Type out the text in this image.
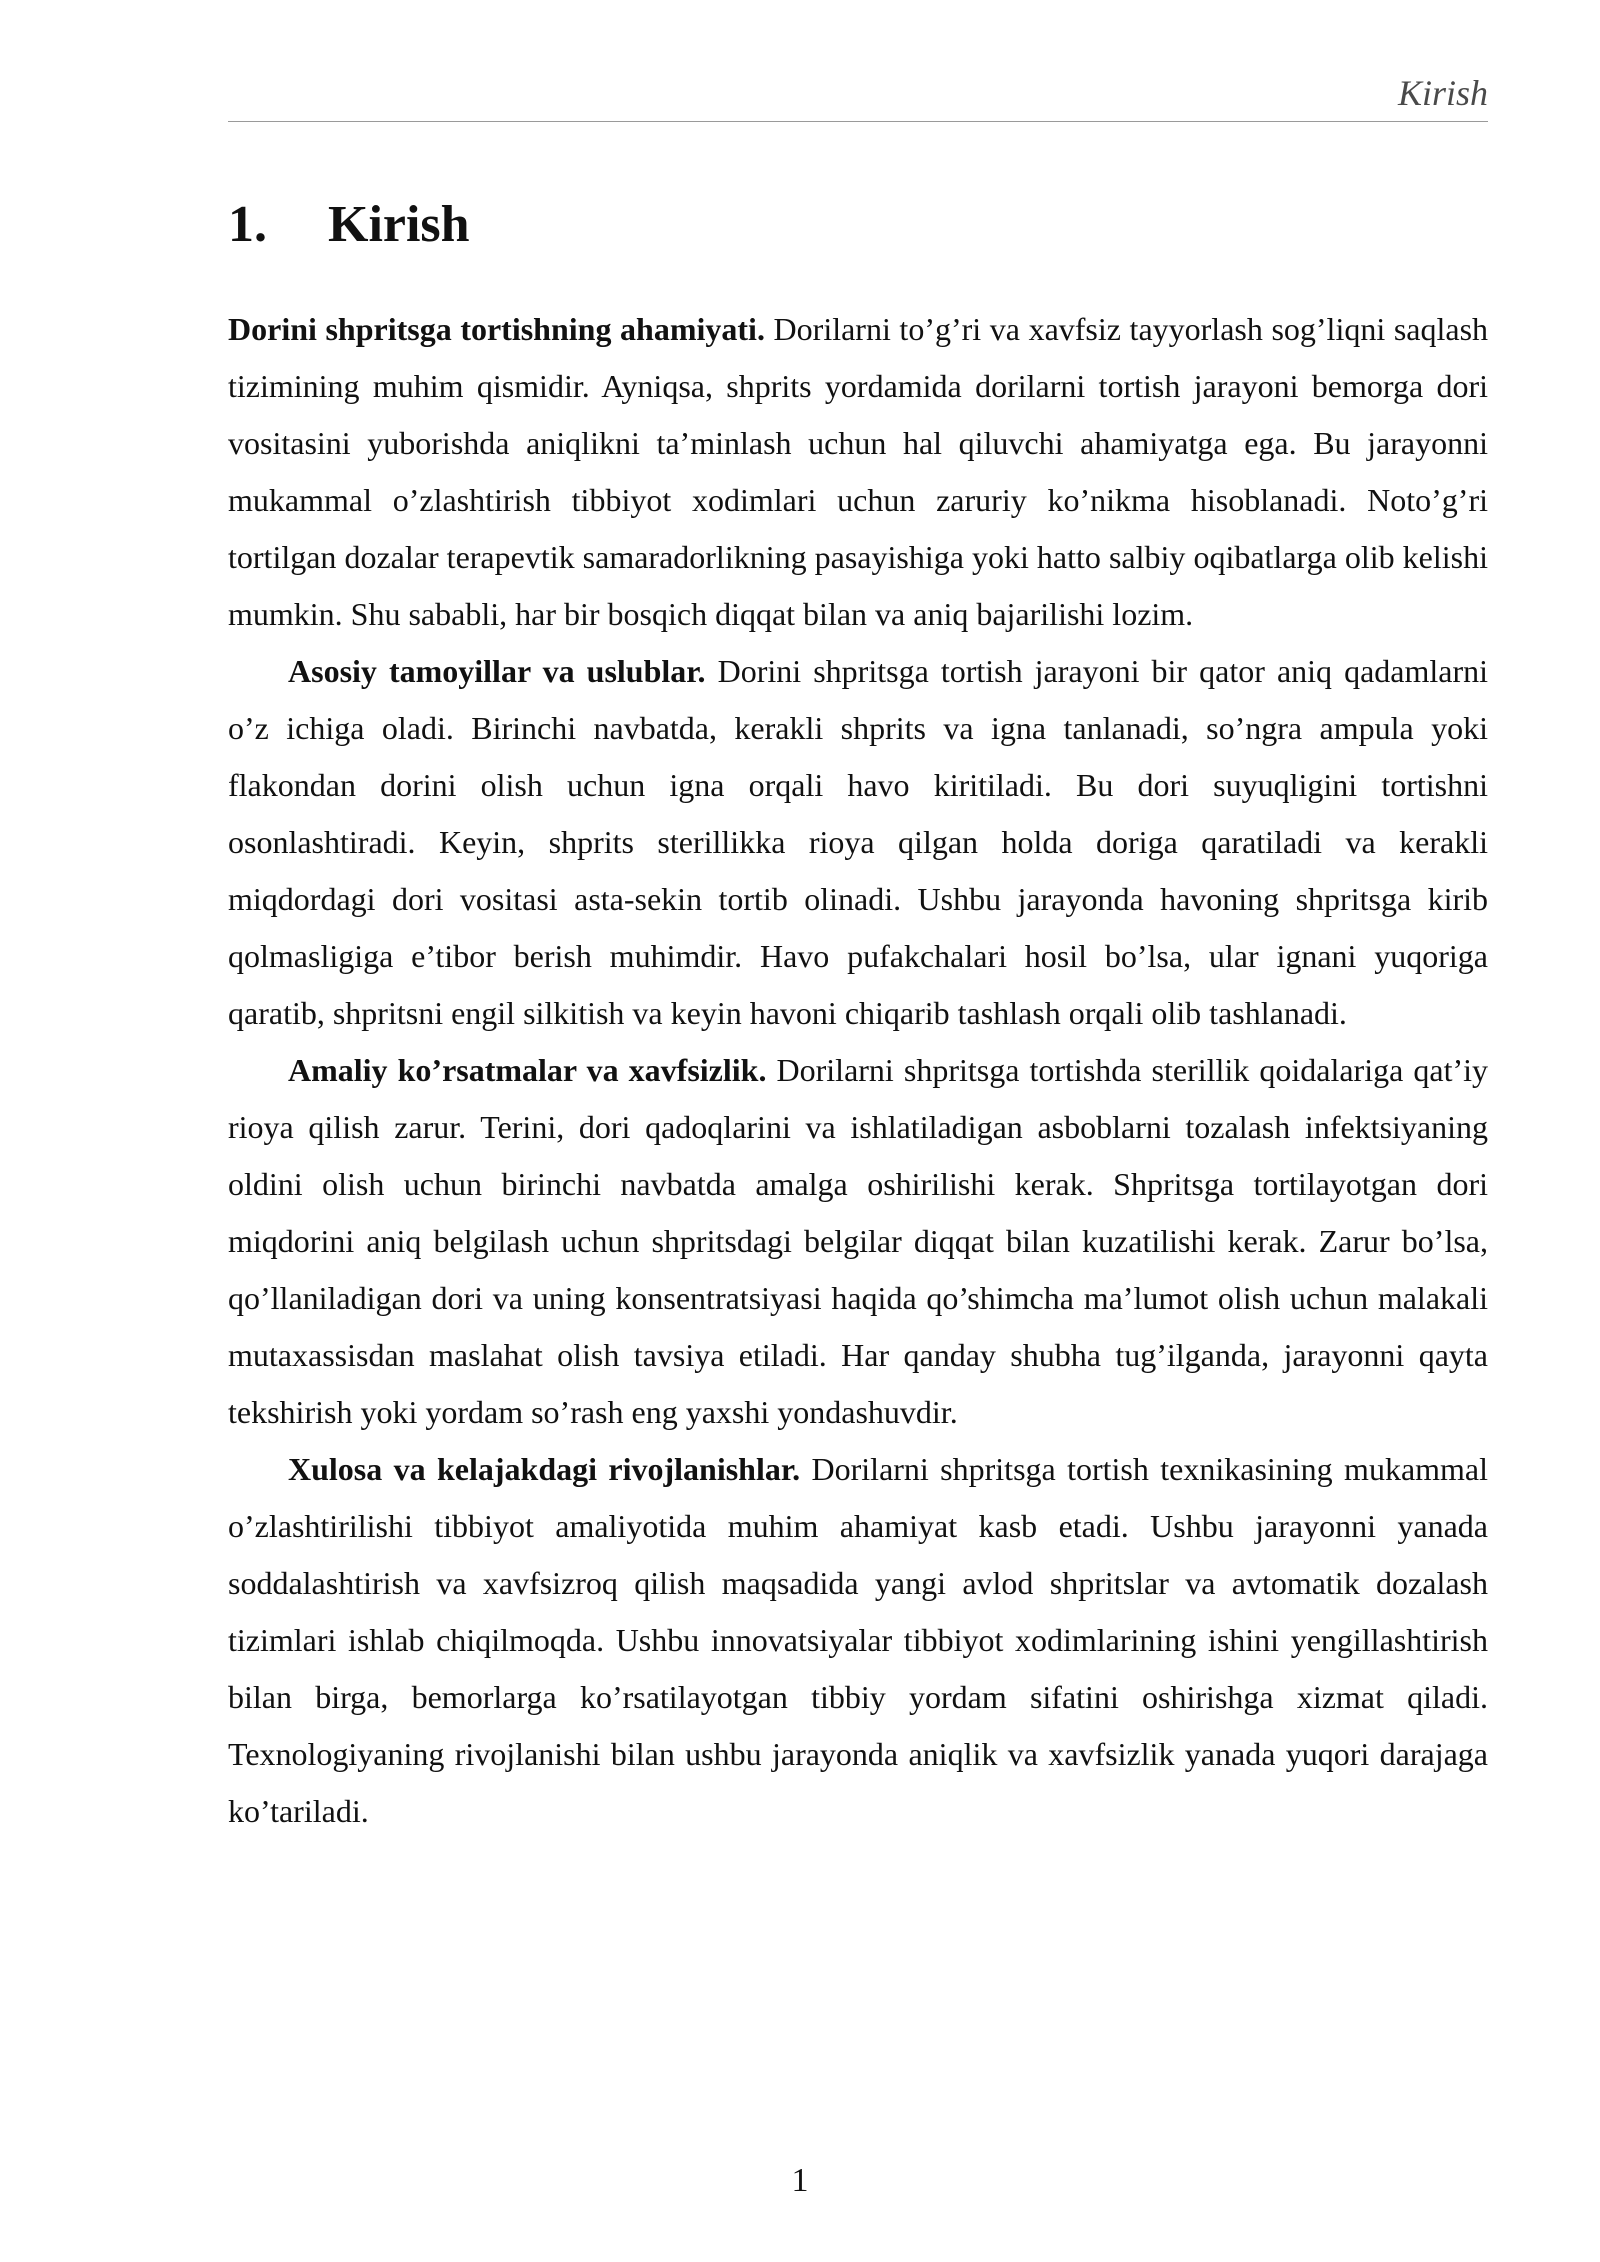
Kirish
1. Kirish

Dorini shpritsga tortishning ahamiyati. Dorilarni to’g’ri va xavfsiz tayyorlash sog’liqni saqlash tizimining muhim qismidir. Ayniqsa, shprits yordamida dorilarni tortish jarayoni bemorga dori vositasini yuborishda aniqlikni ta’minlash uchun hal qiluvchi ahamiyatga ega. Bu jarayonni mukammal o’zlashtirish tibbiyot xodimlari uchun zaruriy ko’nikma hisoblanadi. Noto’g’ri tortilgan dozalar terapevtik samaradorlikning pasayishiga yoki hatto salbiy oqibatlarga olib kelishi mumkin. Shu sababli, har bir bosqich diqqat bilan va aniq bajarilishi lozim.

Asosiy tamoyillar va uslublar. Dorini shpritsga tortish jarayoni bir qator aniq qadamlarni o’z ichiga oladi. Birinchi navbatda, kerakli shprits va igna tanlanadi, so’ngra ampula yoki flakondan dorini olish uchun igna orqali havo kiritiladi. Bu dori suyuqligini tortishni osonlashtiradi. Keyin, shprits sterillikka rioya qilgan holda doriga qaratiladi va kerakli miqdordagi dori vositasi asta-sekin tortib olinadi. Ushbu jarayonda havoning shpritsga kirib qolmasligiga e’tibor berish muhimdir. Havo pufakchalari hosil bo’lsa, ular ignani yuqoriga qaratib, shpritsni engil silkitish va keyin havoni chiqarib tashlash orqali olib tashlanadi.

Amaliy ko’rsatmalar va xavfsizlik. Dorilarni shpritsga tortishda sterillik qoidalariga qat’iy rioya qilish zarur. Terini, dori qadoqlarini va ishlatiladigan asboblarni tozalash infektsiyaning oldini olish uchun birinchi navbatda amalga oshirilishi kerak. Shpritsga tortilayotgan dori miqdorini aniq belgilash uchun shpritsdagi belgilar diqqat bilan kuzatilishi kerak. Zarur bo’lsa, qo’llaniladigan dori va uning konsentratsiyasi haqida qo’shimcha ma’lumot olish uchun malakali mutaxassisdan maslahat olish tavsiya etiladi. Har qanday shubha tug’ilganda, jarayonni qayta tekshirish yoki yordam so’rash eng yaxshi yondashuvdir.

Xulosa va kelajakdagi rivojlanishlar. Dorilarni shpritsga tortish texnikasining mukammal o’zlashtirilishi tibbiyot amaliyotida muhim ahamiyat kasb etadi. Ushbu jarayonni yanada soddalashtirish va xavfsizroq qilish maqsadida yangi avlod shpritslar va avtomatik dozalash tizimlari ishlab chiqilmoqda. Ushbu innovatsiyalar tibbiyot xodimlarining ishini yengillashtirish bilan birga, bemorlarga ko’rsatilayotgan tibbiy yordam sifatini oshirishga xizmat qiladi. Texnologiyaning rivojlanishi bilan ushbu jarayonda aniqlik va xavfsizlik yanada yuqori darajaga ko’tariladi.

1
